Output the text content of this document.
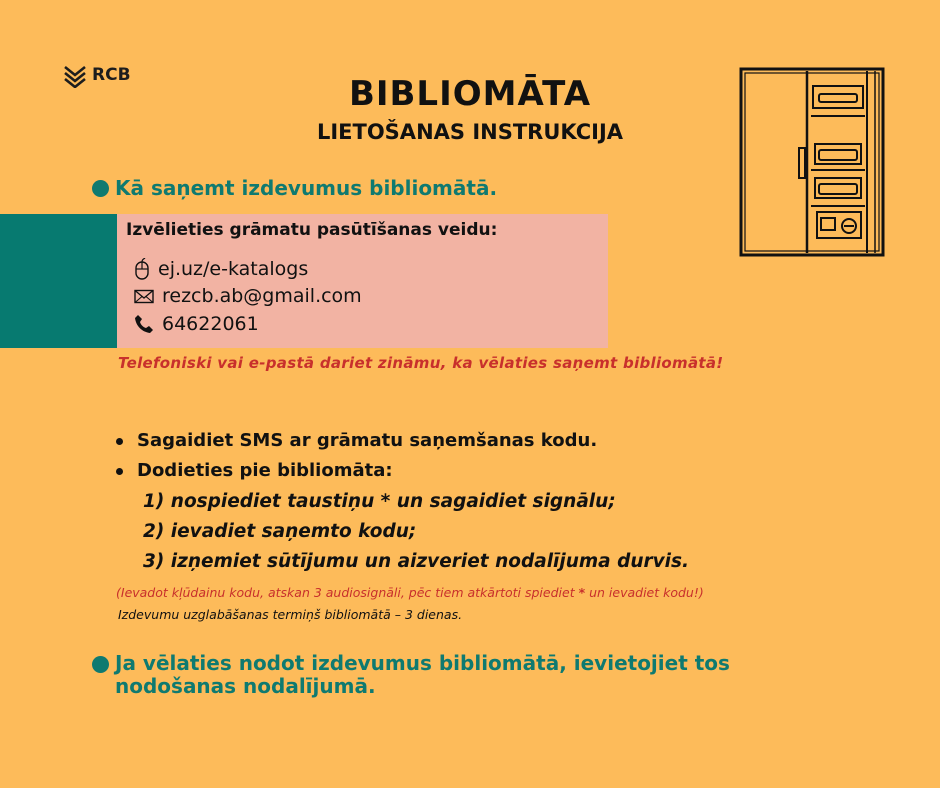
RCB	BIBLIOMĀTA
LIETOŠANAS INSTRUKCIJA
Kā saņemt izdevumus bibliomātā.
Izvēlieties grāmatu pasūtīšanas veidu:
ej.uz/e-katalogs
rezcb.ab@gmail.com
64622061
Telefoniski vai e-pastā dariet zināmu, ka vēlaties saņemt bibliomātā!
Sagaidiet SMS ar grāmatu saņemšanas kodu.
Dodieties pie bibliomāta:
1) nospiediet taustiņu * un sagaidiet signālu;
2) ievadiet saņemto kodu;
3) izņemiet sūtījumu un aizveriet nodalījuma durvis.
(Ievadot kļūdainu kodu, atskan 3 audiosignāli, pēc tiem atkārtoti spiediet * un ievadiet kodu!)
Izdevumu uzglabāšanas termiņš bibliomātā – 3 dienas.
Ja vēlaties nodot izdevumus bibliomātā, ievietojiet tos nodošanas nodalījumā.
